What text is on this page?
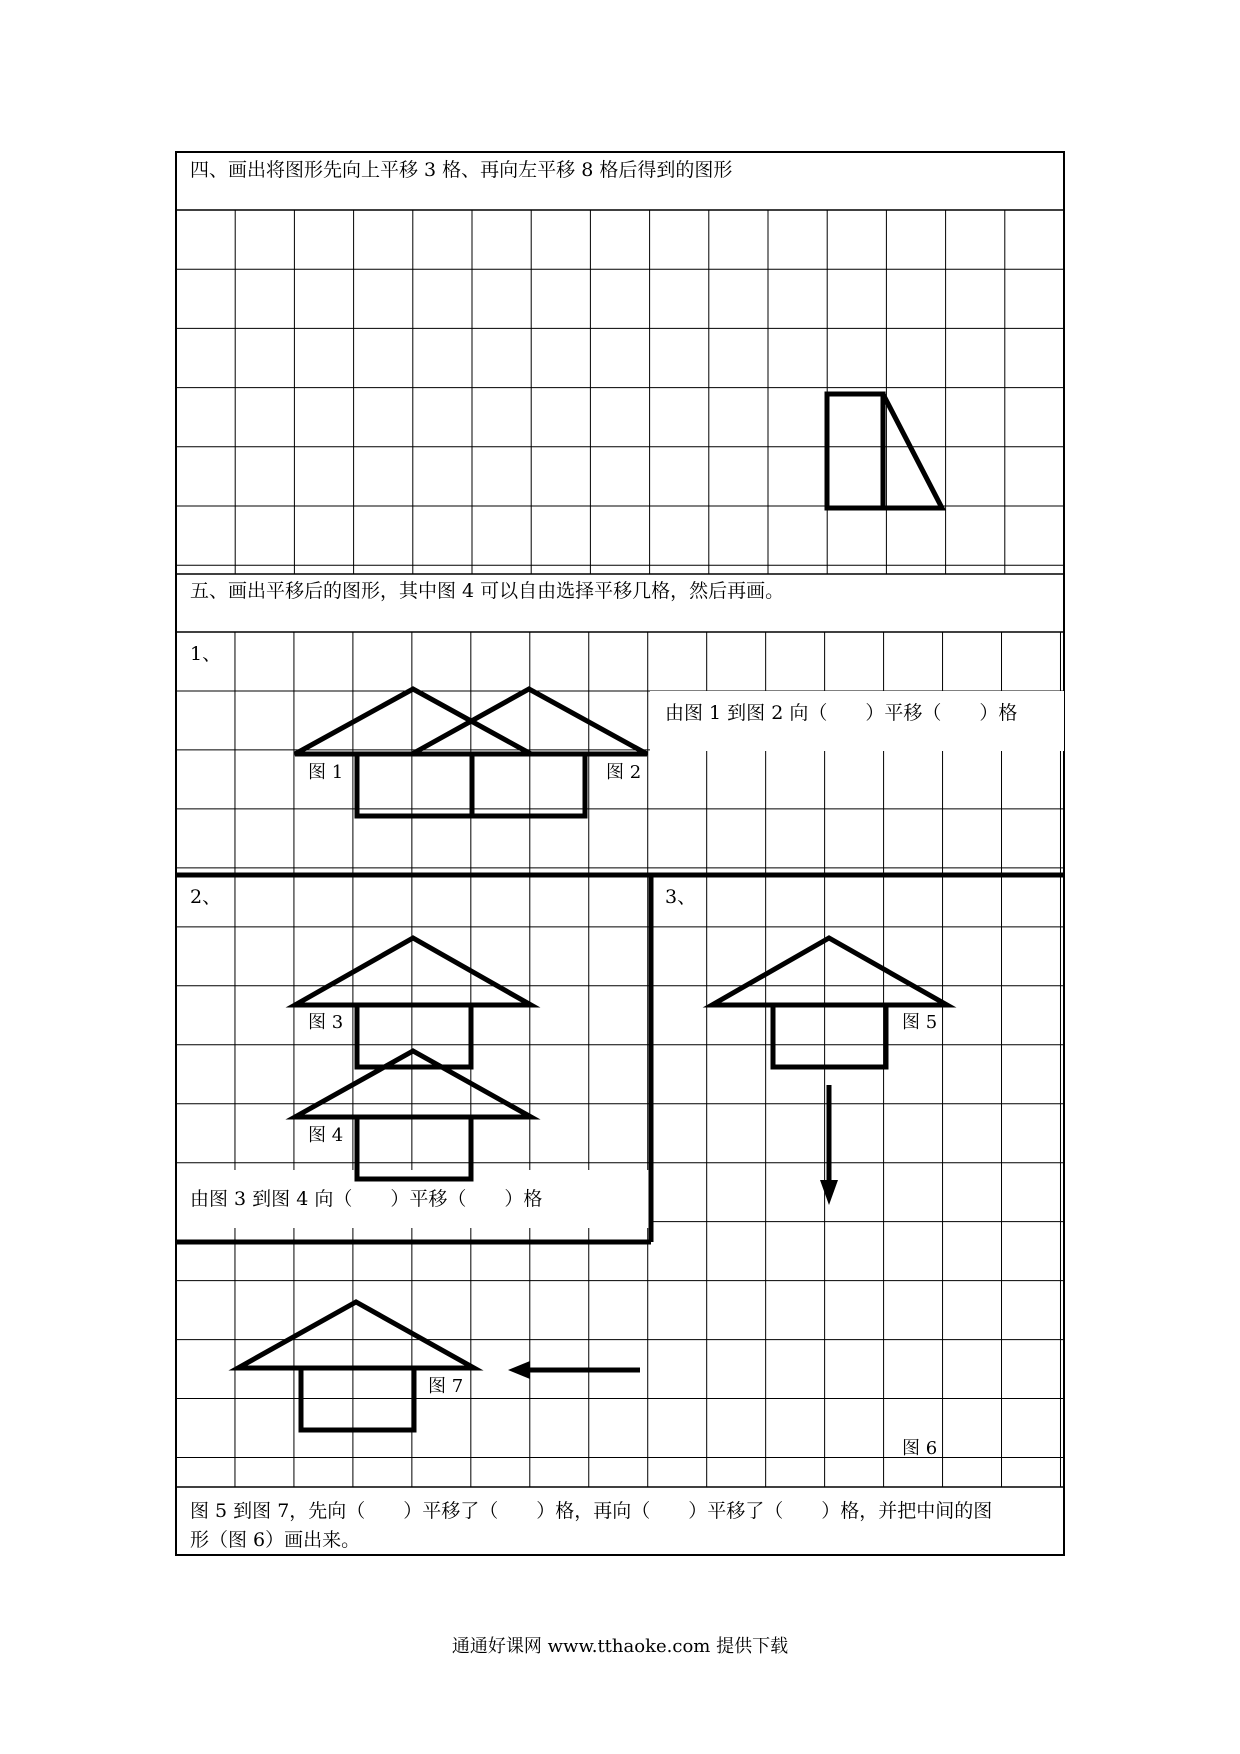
四、画出将图形先向上平移 3 格、再向左平移 8 格后得到的图形
五、画出平移后的图形，其中图 4 可以自由选择平移几格，然后再画。
1、
由图 1 到图 2 向（　　）平移（　　）格
图 1	图 2
2、
图 3
图 4
由图 3 到图 4 向（　　）平移（　　）格
3、
图 5
图 7
图 6
图 5 到图 7，先向（　　）平移了（　　）格，再向（　　）平移了（　　）格，并把中间的图
形（图 6）画出来。
通通好课网 www.tthaoke.com 提供下载
